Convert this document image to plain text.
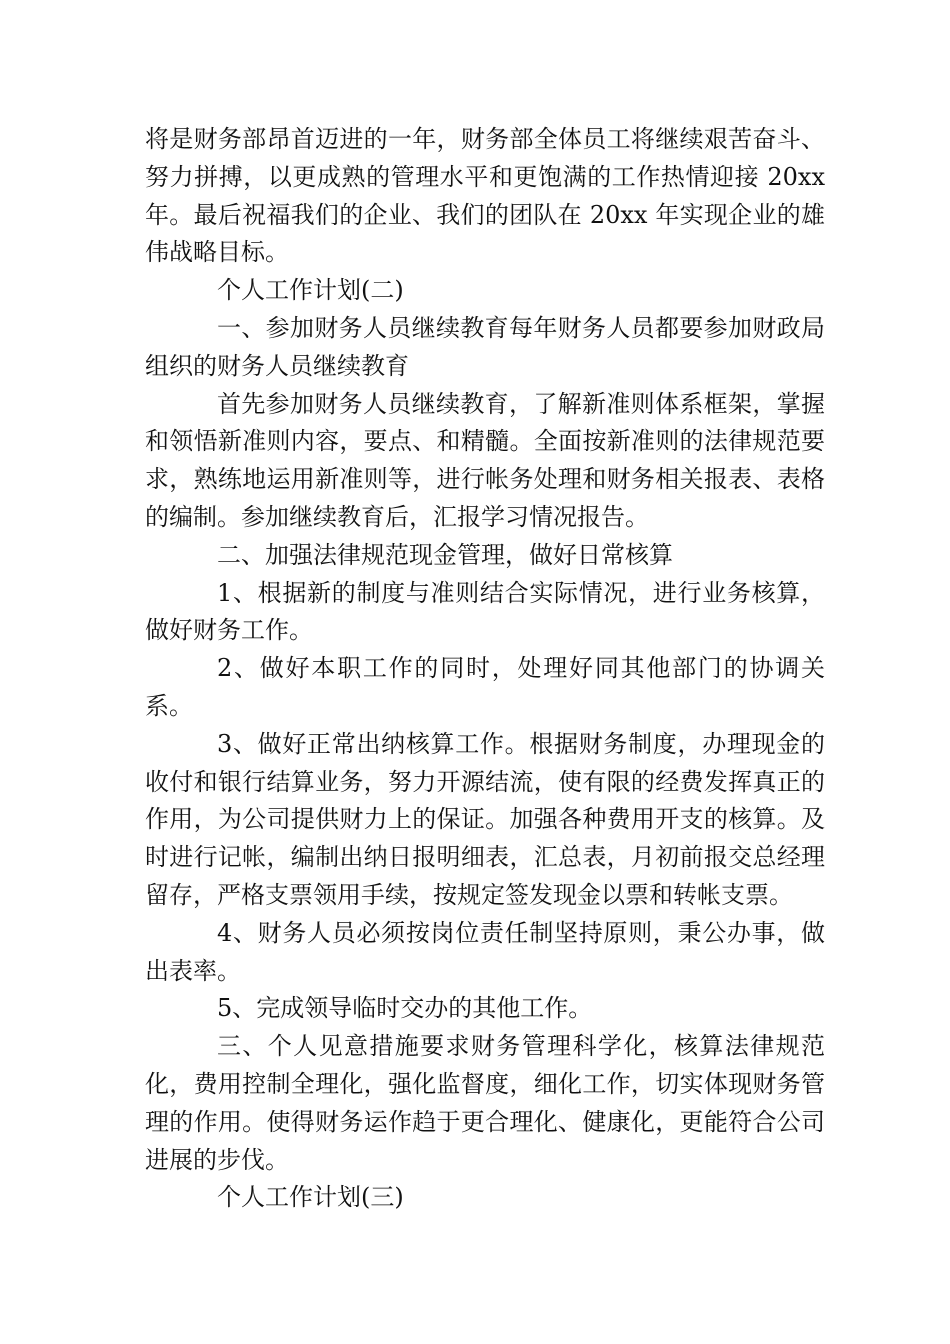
将是财务部昂首迈进的一年，财务部全体员工将继续艰苦奋斗、努力拼搏，以更成熟的管理水平和更饱满的工作热情迎接 20xx 年。最后祝福我们的企业、我们的团队在 20xx 年实现企业的雄伟战略目标。

个人工作计划(二)

一、参加财务人员继续教育每年财务人员都要参加财政局组织的财务人员继续教育

首先参加财务人员继续教育，了解新准则体系框架，掌握和领悟新准则内容，要点、和精髓。全面按新准则的法律规范要求，熟练地运用新准则等，进行帐务处理和财务相关报表、表格的编制。参加继续教育后，汇报学习情况报告。

二、加强法律规范现金管理，做好日常核算

1、根据新的制度与准则结合实际情况，进行业务核算，做好财务工作。

2、做好本职工作的同时，处理好同其他部门的协调关系。

3、做好正常出纳核算工作。根据财务制度，办理现金的收付和银行结算业务，努力开源结流，使有限的经费发挥真正的作用，为公司提供财力上的保证。加强各种费用开支的核算。及时进行记帐，编制出纳日报明细表，汇总表，月初前报交总经理留存，严格支票领用手续，按规定签发现金以票和转帐支票。

4、财务人员必须按岗位责任制坚持原则，秉公办事，做出表率。

5、完成领导临时交办的其他工作。

三、个人见意措施要求财务管理科学化，核算法律规范化，费用控制全理化，强化监督度，细化工作，切实体现财务管理的作用。使得财务运作趋于更合理化、健康化，更能符合公司进展的步伐。

个人工作计划(三)
